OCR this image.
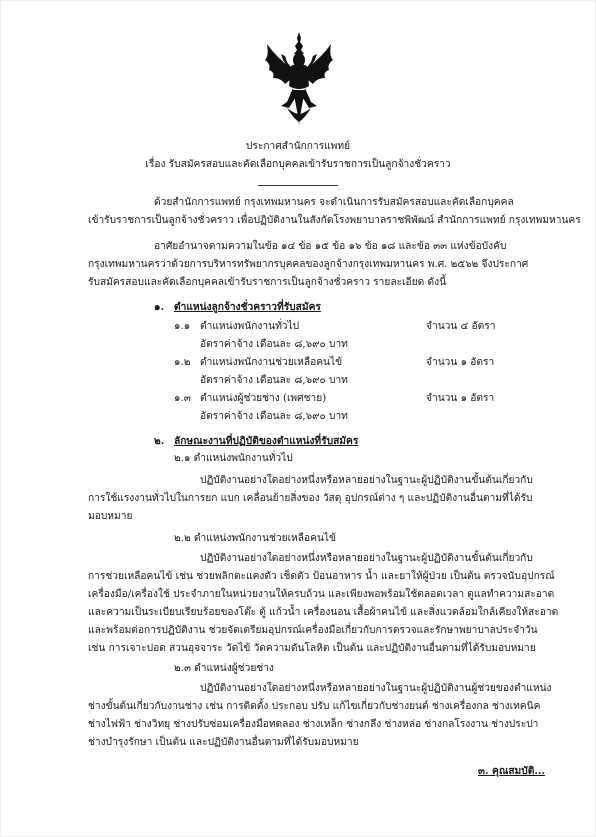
ประกาศสำนักการแพทย์
เรื่อง รับสมัครสอบและคัดเลือกบุคคลเข้ารับราชการเป็นลูกจ้างชั่วคราว
ด้วยสำนักการแพทย์ กรุงเทพมหานคร จะดำเนินการรับสมัครสอบและคัดเลือกบุคคล
เข้ารับราชการเป็นลูกจ้างชั่วคราว เพื่อปฏิบัติงานในสังกัดโรงพยาบาลราชพิพัฒน์ สำนักการแพทย์ กรุงเทพมหานคร
อาศัยอำนาจตามความในข้อ ๑๔ ข้อ ๑๕ ข้อ ๑๖ ข้อ ๑๘ และข้อ ๓๓ แห่งข้อบังคับ
กรุงเทพมหานครว่าด้วยการบริหารทรัพยากรบุคคลของลูกจ้างกรุงเทพมหานคร พ.ศ. ๒๕๖๒ จึงประกาศ
รับสมัครสอบและคัดเลือกบุคคลเข้ารับราชการเป็นลูกจ้างชั่วคราว รายละเอียด ดังนี้
๑. ตำแหน่งลูกจ้างชั่วคราวที่รับสมัคร
๑.๑ ตำแหน่งพนักงานทั่วไป	จำนวน ๔ อัตรา
อัตราค่าจ้าง เดือนละ ๘,๖๙๐ บาท
๑.๒ ตำแหน่งพนักงานช่วยเหลือคนไข้	จำนวน ๑ อัตรา
อัตราค่าจ้าง เดือนละ ๘,๖๙๐ บาท
๑.๓ ตำแหน่งผู้ช่วยช่าง (เพศชาย)	จำนวน ๑ อัตรา
อัตราค่าจ้าง เดือนละ ๘,๖๙๐ บาท
๒. ลักษณะงานที่ปฏิบัติของตำแหน่งที่รับสมัคร
๒.๑ ตำแหน่งพนักงานทั่วไป
ปฏิบัติงานอย่างใดอย่างหนึ่งหรือหลายอย่างในฐานะผู้ปฏิบัติงานขั้นต้นเกี่ยวกับ
การใช้แรงงานทั่วไปในการยก แบก เคลื่อนย้ายสิ่งของ วัสดุ อุปกรณ์ต่าง ๆ และปฏิบัติงานอื่นตามที่ได้รับ
มอบหมาย
๒.๒ ตำแหน่งพนักงานช่วยเหลือคนไข้
ปฏิบัติงานอย่างใดอย่างหนึ่งหรือหลายอย่างในฐานะผู้ปฏิบัติงานขั้นต้นเกี่ยวกับ
การช่วยเหลือคนไข้ เช่น ช่วยพลิกตะแคงตัว เช็ดตัว ป้อนอาหาร น้ำ และยาให้ผู้ป่วย เป็นต้น ตรวจนับอุปกรณ์
เครื่องมือ/เครื่องใช้ ประจำภายในหน่วยงานให้ครบถ้วน และเพียงพอพร้อมใช้ตลอดเวลา ดูแลทำความสะอาด
และความเป็นระเบียบเรียบร้อยของโต๊ะ ตู้ แก้วน้ำ เครื่องนอน เสื้อผ้าคนไข้ และสิ่งแวดล้อมใกล้เคียงให้สะอาด
และพร้อมต่อการปฏิบัติงาน ช่วยจัดเตรียมอุปกรณ์เครื่องมือเกี่ยวกับการตรวจและรักษาพยาบาลประจำวัน
เช่น การเจาะปอด สวนอุจจาระ วัดไข้ วัดความดันโลหิต เป็นต้น และปฏิบัติงานอื่นตามที่ได้รับมอบหมาย
๒.๓ ตำแหน่งผู้ช่วยช่าง
ปฏิบัติงานอย่างใดอย่างหนึ่งหรือหลายอย่างในฐานะผู้ปฏิบัติงานผู้ช่วยของตำแหน่ง
ช่างขั้นต้นเกี่ยวกับงานช่าง เช่น การติดตั้ง ประกอบ ปรับ แก้ไขเกี่ยวกับช่างยนต์ ช่างเครื่องกล ช่างเทคนิค
ช่างไฟฟ้า ช่างวิทยุ ช่างปรับซ่อมเครื่องมือทดลอง ช่างเหล็ก ช่างกลึง ช่างหล่อ ช่างกลโรงงาน ช่างประปา
ช่างบำรุงรักษา เป็นต้น และปฏิบัติงานอื่นตามที่ได้รับมอบหมาย
๓. คุณสมบัติ...
